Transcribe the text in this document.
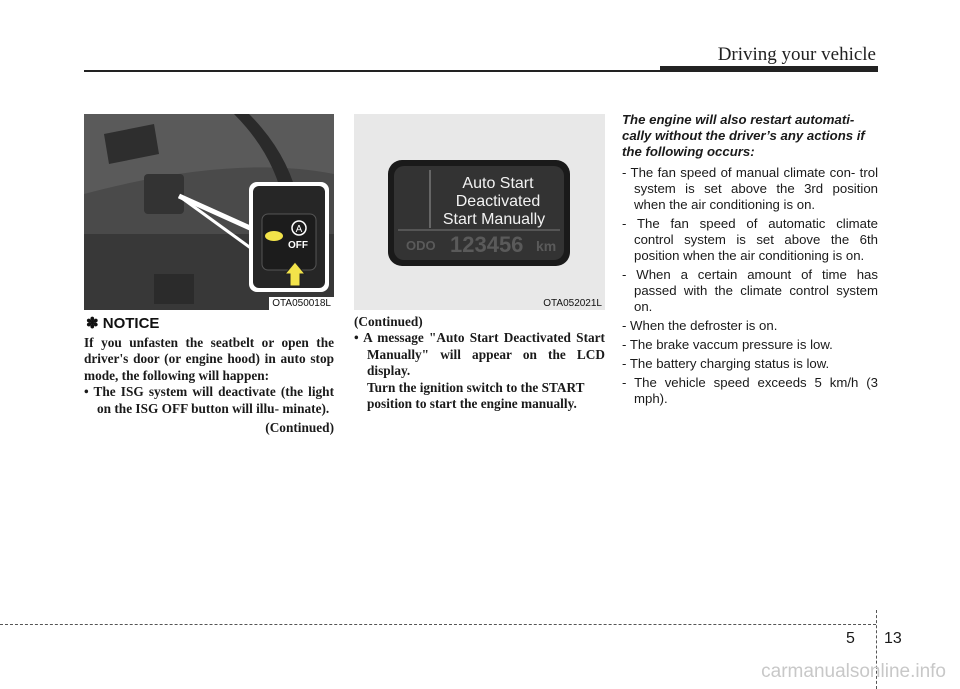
Driving your vehicle
A
OFF
OTA050018L
Auto Start
Deactivated
Start Manually
ODO 123456 km
OTA052021L
✽ NOTICE

If you unfasten the seatbelt or open the driver's door (or engine hood) in auto stop mode, the following will happen:

• The ISG system will deactivate (the light on the ISG OFF button will illu- minate).

(Continued)

(Continued)

• A message "Auto Start Deactivated Start Manually" will appear on the LCD display.

Turn the ignition switch to the START position to start the engine manually.

The engine will also restart automati- cally without the driver’s any actions if the following occurs:

- The fan speed of manual climate con- trol system is set above the 3rd position when the air conditioning is on.

- The fan speed of automatic climate control system is set above the 6th position when the air conditioning is on.

- When a certain amount of time has passed with the climate control system on.

- When the defroster is on.

- The brake vaccum pressure is low.

- The battery charging status is low.

- The vehicle speed exceeds 5 km/h (3 mph).

5 13
carmanualsonline.info
